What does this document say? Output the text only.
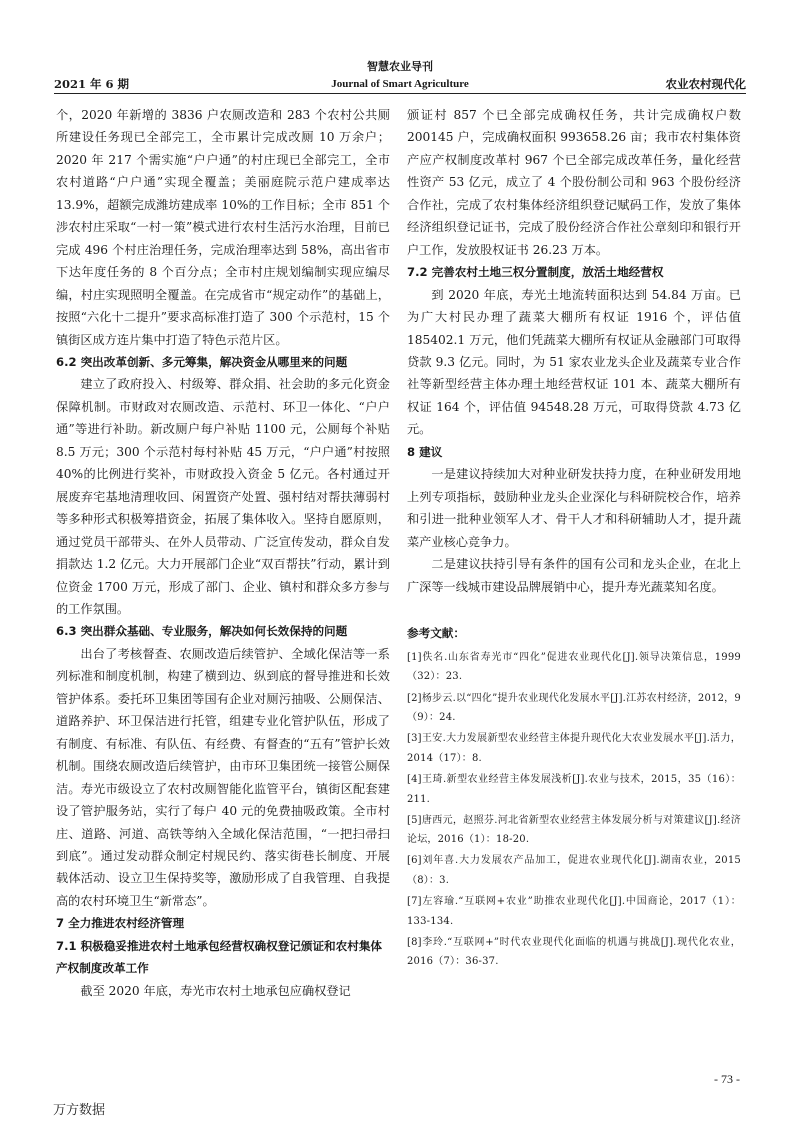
智慧农业导刊
2021 年 6 期	Journal of Smart Agriculture	农业农村现代化
个，2020 年新增的 3836 户农厕改造和 283 个农村公共厕所建设任务现已全部完工，全市累计完成改厕 10 万余户；2020 年 217 个需实施“户户通”的村庄现已全部完工，全市农村道路“户户通”实现全覆盖；美丽庭院示范户建成率达 13.9%，超额完成潍坊建成率 10%的工作目标；全市 851 个涉农村庄采取“一村一策”模式进行农村生活污水治理，目前已完成 496 个村庄治理任务，完成治理率达到 58%，高出省市下达年度任务的 8 个百分点；全市村庄规划编制实现应编尽编，村庄实现照明全覆盖。在完成省市“规定动作”的基础上，按照“六化十二提升”要求高标准打造了 300 个示范村，15 个镇街区成方连片集中打造了特色示范片区。
6.2 突出改革创新、多元筹集，解决资金从哪里来的问题
建立了政府投入、村级筹、群众捐、社会助的多元化资金保障机制。市财政对农厕改造、示范村、环卫一体化、“户户通”等进行补助。新改厕户每户补贴 1100 元，公厕每个补贴 8.5 万元；300 个示范村每村补贴 45 万元，“户户通”村按照 40%的比例进行奖补，市财政投入资金 5 亿元。各村通过开展废弃宅基地清理收回、闲置资产处置、强村结对帮扶薄弱村等多种形式积极筹措资金，拓展了集体收入。坚持自愿原则，通过党员干部带头、在外人员带动、广泛宣传发动，群众自发捐款达 1.2 亿元。大力开展部门企业“双百帮扶”行动，累计到位资金 1700 万元，形成了部门、企业、镇村和群众多方参与的工作氛围。
6.3 突出群众基础、专业服务，解决如何长效保持的问题
出台了考核督查、农厕改造后续管护、全域化保洁等一系列标准和制度机制，构建了横到边、纵到底的督导推进和长效管护体系。委托环卫集团等国有企业对厕污抽吸、公厕保洁、道路养护、环卫保洁进行托管，组建专业化管护队伍，形成了有制度、有标准、有队伍、有经费、有督查的“五有”管护长效机制。围绕农厕改造后续管护，由市环卫集团统一接管公厕保洁。寿光市级设立了农村改厕智能化监管平台，镇街区配套建设了管护服务站，实行了每户 40 元的免费抽吸政策。全市村庄、道路、河道、高铁等纳入全域化保洁范围，“一把扫帚扫到底”。通过发动群众制定村规民约、落实街巷长制度、开展载体活动、设立卫生保持奖等，激励形成了自我管理、自我提高的农村环境卫生“新常态”。
7 全力推进农村经济管理
7.1 积极稳妥推进农村土地承包经营权确权登记颁证和农村集体产权制度改革工作
截至 2020 年底，寿光市农村土地承包应确权登记
颁证村 857 个已全部完成确权任务，共计完成确权户数 200145 户，完成确权面积 993658.26 亩；我市农村集体资产应产权制度改革村 967 个已全部完成改革任务，量化经营性资产 53 亿元，成立了 4 个股份制公司和 963 个股份经济合作社，完成了农村集体经济组织登记赋码工作，发放了集体经济组织登记证书，完成了股份经济合作社公章刻印和银行开户工作，发放股权证书 26.23 万本。
7.2 完善农村土地三权分置制度，放活土地经营权
到 2020 年底，寿光土地流转面积达到 54.84 万亩。已为广大村民办理了蔬菜大棚所有权证 1916 个，评估值 185402.1 万元，他们凭蔬菜大棚所有权证从金融部门可取得贷款 9.3 亿元。同时，为 51 家农业龙头企业及蔬菜专业合作社等新型经营主体办理土地经营权证 101 本、蔬菜大棚所有权证 164 个，评估值 94548.28 万元，可取得贷款 4.73 亿元。
8 建议
一是建议持续加大对种业研发扶持力度，在种业研发用地上列专项指标，鼓励种业龙头企业深化与科研院校合作，培养和引进一批种业领军人才、骨干人才和科研辅助人才，提升蔬菜产业核心竞争力。
二是建议扶持引导有条件的国有公司和龙头企业，在北上广深等一线城市建设品牌展销中心，提升寿光蔬菜知名度。
参考文献：
[1]佚名.山东省寿光市“四化”促进农业现代化[J].领导决策信息，1999（32）：23.
[2]杨步云.以“四化”提升农业现代化发展水平[J].江苏农村经济，2012，9（9）：24.
[3]王安.大力发展新型农业经营主体提升现代化大农业发展水平[J].活力，2014（17）：8.
[4]王琦.新型农业经营主体发展浅析[J].农业与技术，2015，35（16）：211.
[5]唐西元，赵照芬.河北省新型农业经营主体发展分析与对策建议[J].经济论坛，2016（1）：18-20.
[6]刘年喜.大力发展农产品加工，促进农业现代化[J].湖南农业，2015（8）：3.
[7]左容瑜.“互联网+农业”助推农业现代化[J].中国商论，2017（1）：133-134.
[8]李玲.“互联网+”时代农业现代化面临的机遇与挑战[J].现代化农业，2016（7）：36-37.
- 73 -
万方数据
